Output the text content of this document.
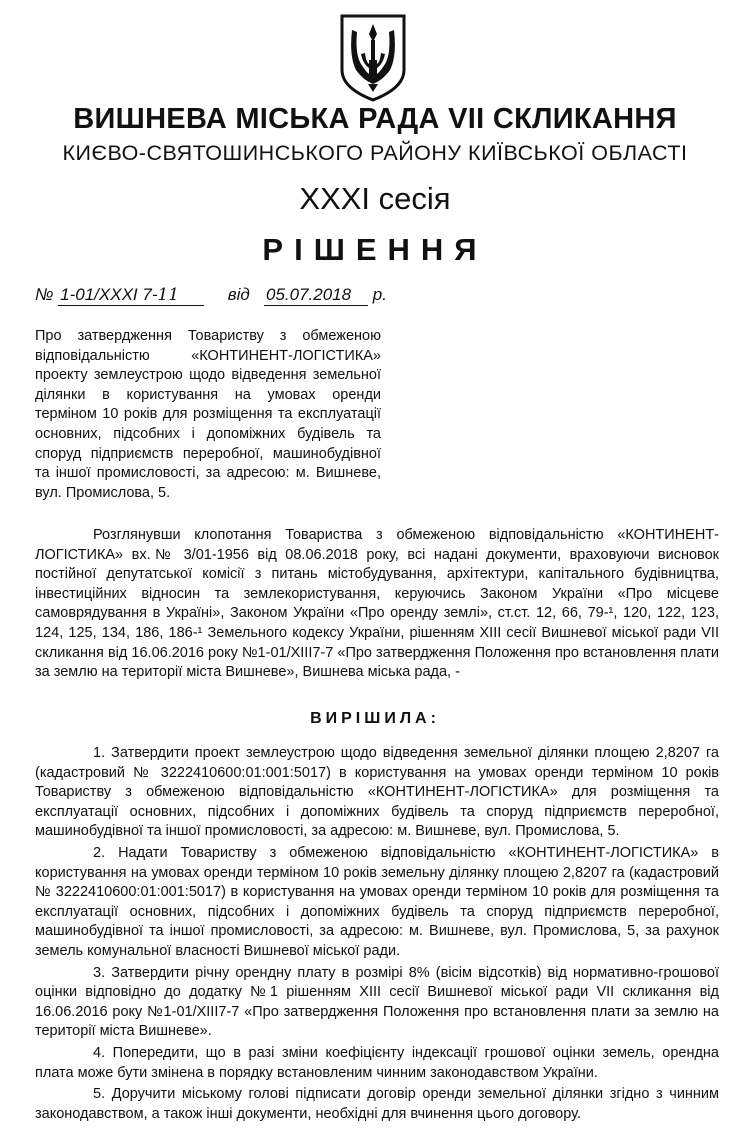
ВИШНЕВА МІСЬКА РАДА VII СКЛИКАННЯ
КИЄВО-СВЯТОШИНСЬКОГО РАЙОНУ КИЇВСЬКОЇ ОБЛАСТІ
XXXI сесія
РІШЕННЯ
№ 1-01/XXXI 7-11	від 05.07.2018 р.
Про затвердження Товариству з обмеженою відповідальністю «КОНТИНЕНТ-ЛОГІСТИКА» проекту землеустрою щодо відведення земельної ділянки в користування на умовах оренди терміном 10 років для розміщення та експлуатації основних, підсобних і допоміжних будівель та споруд підприємств переробної, машинобудівної та іншої промисловості, за адресою: м. Вишневе, вул. Промислова, 5.

Розглянувши клопотання Товариства з обмеженою відповідальністю «КОНТИНЕНТ-ЛОГІСТИКА» вх.№ 3/01-1956 від 08.06.2018 року, всі надані документи, враховуючи висновок постійної депутатської комісії з питань містобудування, архітектури, капітального будівництва, інвестиційних відносин та землекористування, керуючись Законом України «Про місцеве самоврядування в Україні», Законом України «Про оренду землі», ст.ст. 12, 66, 79-¹, 120, 122, 123, 124, 125, 134, 186, 186-¹ Земельного кодексу України, рішенням XIII сесії Вишневої міської ради VII скликання від 16.06.2016 року №1-01/XIII7-7 «Про затвердження Положення про встановлення плати за землю на території міста Вишневе», Вишнева міська рада, -

ВИРІШИЛА:

1. Затвердити проект землеустрою щодо відведення земельної ділянки площею 2,8207 га (кадастровий № 3222410600:01:001:5017) в користування на умовах оренди терміном 10 років Товариству з обмеженою відповідальністю «КОНТИНЕНТ-ЛОГІСТИКА» для розміщення та експлуатації основних, підсобних і допоміжних будівель та споруд підприємств переробної, машинобудівної та іншої промисловості, за адресою: м. Вишневе, вул. Промислова, 5.

2. Надати Товариству з обмеженою відповідальністю «КОНТИНЕНТ-ЛОГІСТИКА» в користування на умовах оренди терміном 10 років земельну ділянку площею 2,8207 га (кадастровий № 3222410600:01:001:5017) в користування на умовах оренди терміном 10 років для розміщення та експлуатації основних, підсобних і допоміжних будівель та споруд підприємств переробної, машинобудівної та іншої промисловості, за адресою: м. Вишневе, вул. Промислова, 5, за рахунок земель комунальної власності Вишневої міської ради.

3. Затвердити річну орендну плату в розмірі 8% (вісім відсотків) від нормативно-грошової оцінки відповідно до додатку №1 рішенням XIII сесії Вишневої міської ради VII скликання від 16.06.2016 року №1-01/XIII7-7 «Про затвердження Положення про встановлення плати за землю на території міста Вишневе».

4. Попередити, що в разі зміни коефіцієнту індексації грошової оцінки земель, орендна плата може бути змінена в порядку встановленим чинним законодавством України.

5. Доручити міському голові підписати договір оренди земельної ділянки згідно з чинним законодавством, а також інші документи, необхідні для вчинення цього договору.
